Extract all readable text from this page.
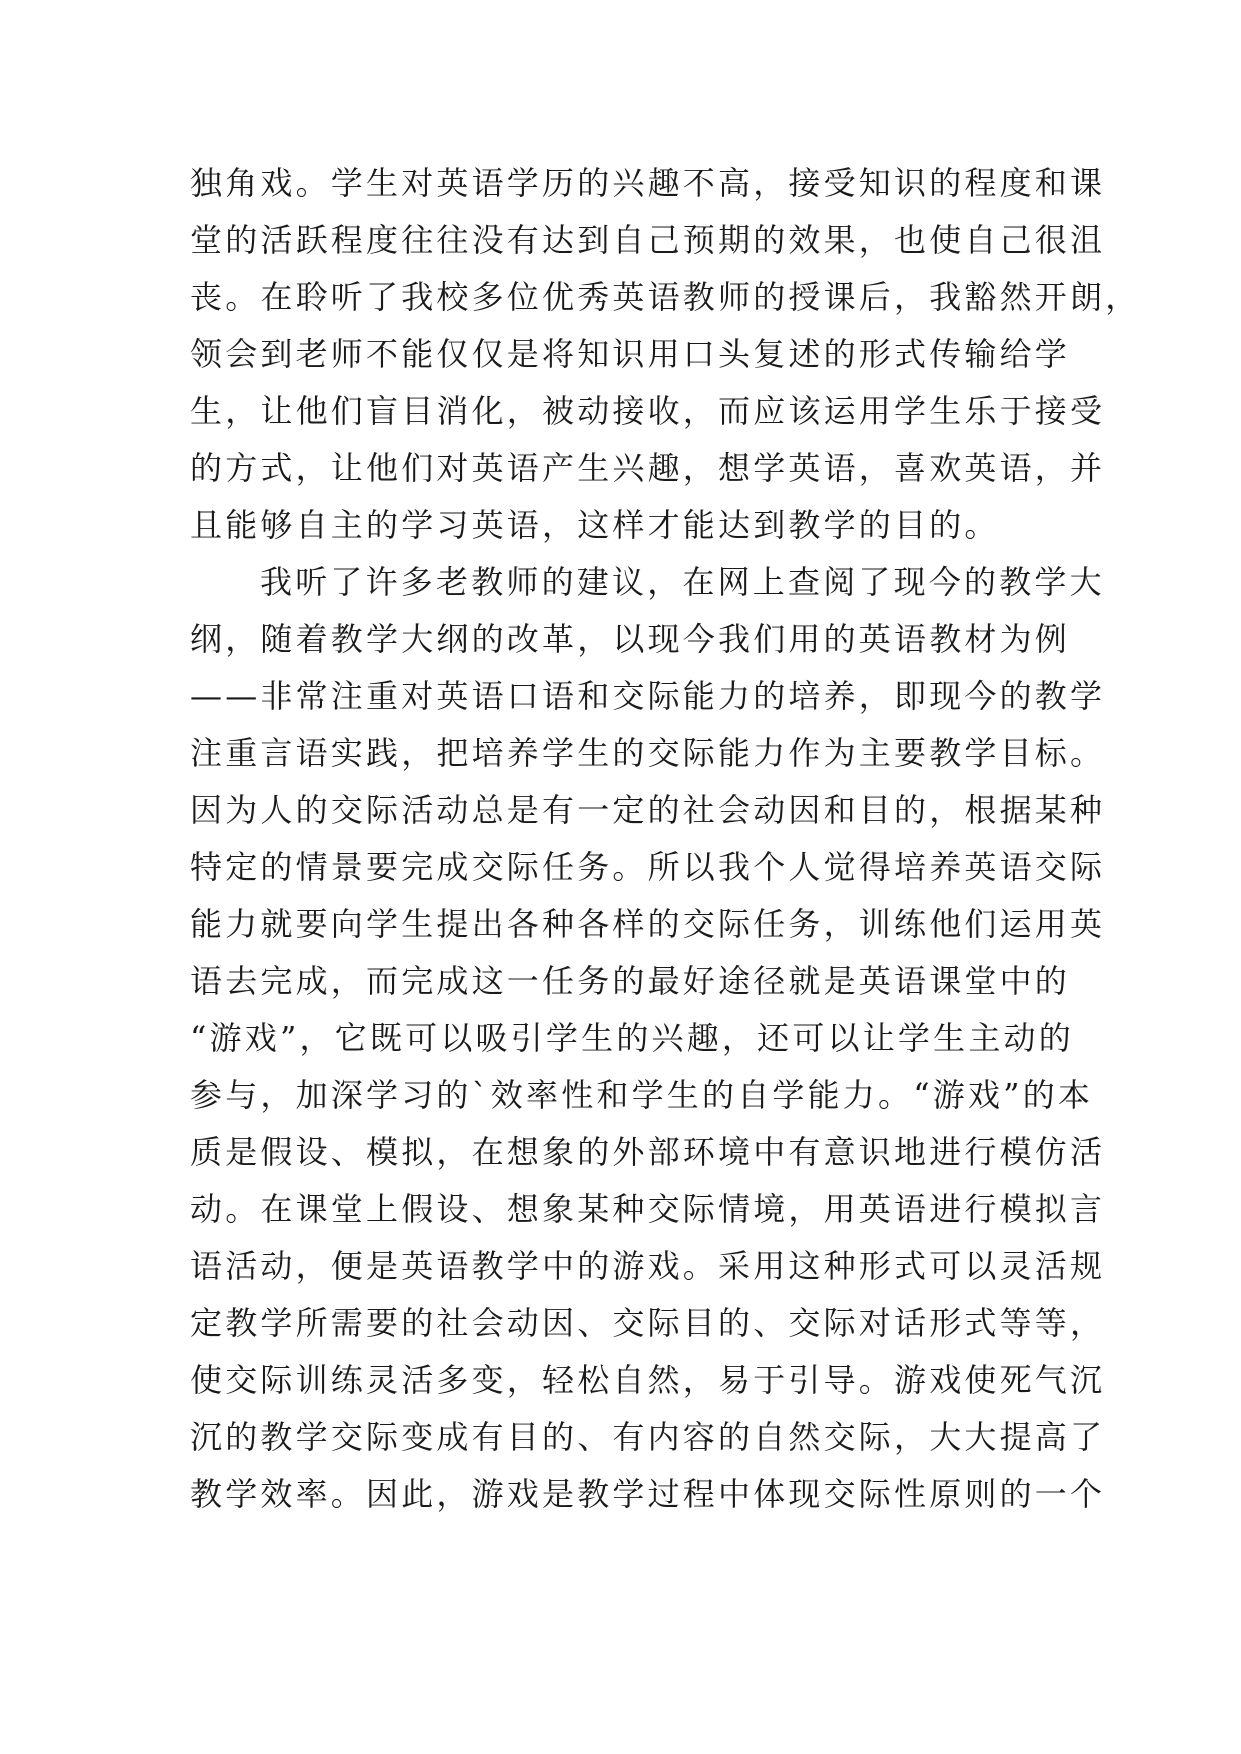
独角戏。学生对英语学历的兴趣不高，接受知识的程度和课
堂的活跃程度往往没有达到自己预期的效果，也使自己很沮
丧。在聆听了我校多位优秀英语教师的授课后，我豁然开朗，
领会到老师不能仅仅是将知识用口头复述的形式传输给学
生，让他们盲目消化，被动接收，而应该运用学生乐于接受
的方式，让他们对英语产生兴趣，想学英语，喜欢英语，并
且能够自主的学习英语，这样才能达到教学的目的。
我听了许多老教师的建议，在网上查阅了现今的教学大
纲，随着教学大纲的改革，以现今我们用的英语教材为例
——非常注重对英语口语和交际能力的培养，即现今的教学
注重言语实践，把培养学生的交际能力作为主要教学目标。
因为人的交际活动总是有一定的社会动因和目的，根据某种
特定的情景要完成交际任务。所以我个人觉得培养英语交际
能力就要向学生提出各种各样的交际任务，训练他们运用英
语去完成，而完成这一任务的最好途径就是英语课堂中的
“游戏”，它既可以吸引学生的兴趣，还可以让学生主动的
参与，加深学习的`效率性和学生的自学能力。“游戏”的本
质是假设、模拟，在想象的外部环境中有意识地进行模仿活
动。在课堂上假设、想象某种交际情境，用英语进行模拟言
语活动，便是英语教学中的游戏。采用这种形式可以灵活规
定教学所需要的社会动因、交际目的、交际对话形式等等，
使交际训练灵活多变，轻松自然，易于引导。游戏使死气沉
沉的教学交际变成有目的、有内容的自然交际，大大提高了
教学效率。因此，游戏是教学过程中体现交际性原则的一个
